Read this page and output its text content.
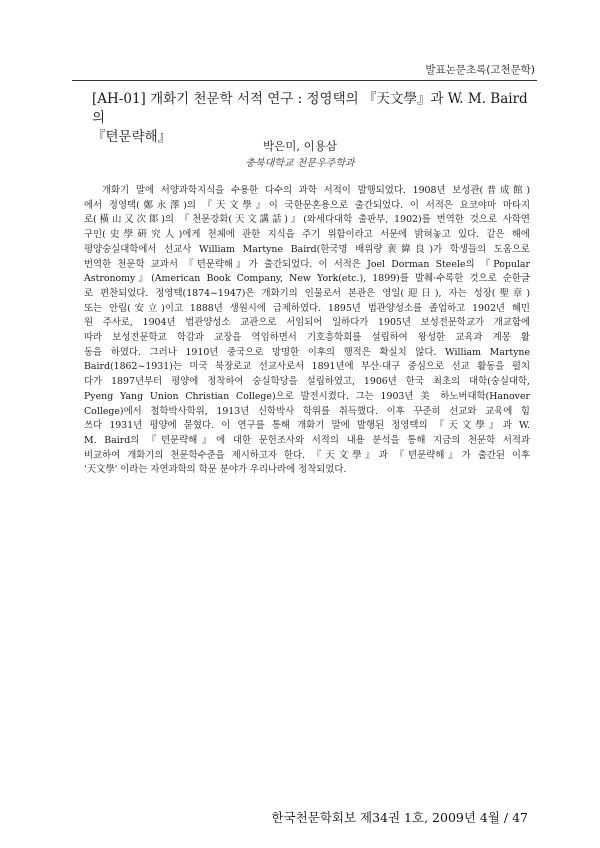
발표논문초록(고천문학)
[AH-01] 개화기 천문학 서적 연구 : 정영택의 『天文學』과 W. M. Baird의
『텬문략해』
박은미, 이용삼
충북대학교 천문우주학과
개화기 말에 서양과학지식을 수용한 다수의 과학 서적이 발행되었다. 1908년 보성관(普成館)
에서 정영택(鄭永澤)의 『天文學』이 국한문혼용으로 출간되었다. 이 서적은 요코야마 마타지
로(橫山又次郞)의 『천문강화(天文講話)』(와세다대학 출판부, 1902)를 번역한 것으로 사학연
구인(史學硏究人)에게 천체에 관한 지식을 주기 위함이라고 서문에 밝혀놓고 있다. 같은 해에
평양숭실대학에서 선교사 William Martyne Baird(한국명 배위량裵緯良)가 학생들의 도움으로
번역한 천문학 교과서 『텬문략해』가 출간되었다. 이 서적은 Joel Dorman Steele의 『Popular
Astronomy』(American Book Company, New York(etc.), 1899)를 발췌·수록한 것으로 순한글
로 편찬되었다. 정영택(1874~1947)은 개화기의 인물로서 본관은 영일(迎日), 자는 성장(聖章)
또는 안립(安立)이고 1888년 생원시에 급제하였다. 1895년 법관양성소를 졸업하고 1902년 혜민
원 주사로, 1904년 법관양성소 교관으로 서임되어 일하다가 1905년 보성전문학교가 개교함에
따라 보성전문학교 학감과 교장을 역임하면서 기호흥학회를 설립하여 왕성한 교육과 계몽 활
동을 하였다. 그러나 1910년 중국으로 망명한 이후의 행적은 확실치 않다. William Martyne
Baird(1862~1931)는 미국 북장로교 선교사로서 1891년에 부산·대구 중심으로 선교 활동을 펼치
다가 1897년부터 평양에 정착하여 숭실학당을 설립하였고, 1906년 한국 최초의 대학(숭실대학,
Pyeng Yang Union Christian College)으로 발전시켰다. 그는 1903년 美 하노버대학(Hanover
College)에서 철학박사학위, 1913년 신학박사 학위를 취득했다. 이후 꾸준히 선교와 교육에 힘
쓰다 1931년 평양에 묻혔다. 이 연구를 통해 개화기 말에 발행된 정영택의 『天文學』과 W.
M. Baird의 『텬문략해』에 대한 문헌조사와 서적의 내용 분석을 통해 지금의 천문학 서적과
비교하여 개화기의 천문학수준을 제시하고자 한다. 『天文學』과 『텬문략해』가 출간된 이후
'天文學' 이라는 자연과학의 학문 분야가 우리나라에 정착되었다.
한국천문학회보 제34권 1호, 2009년 4월 / 47
